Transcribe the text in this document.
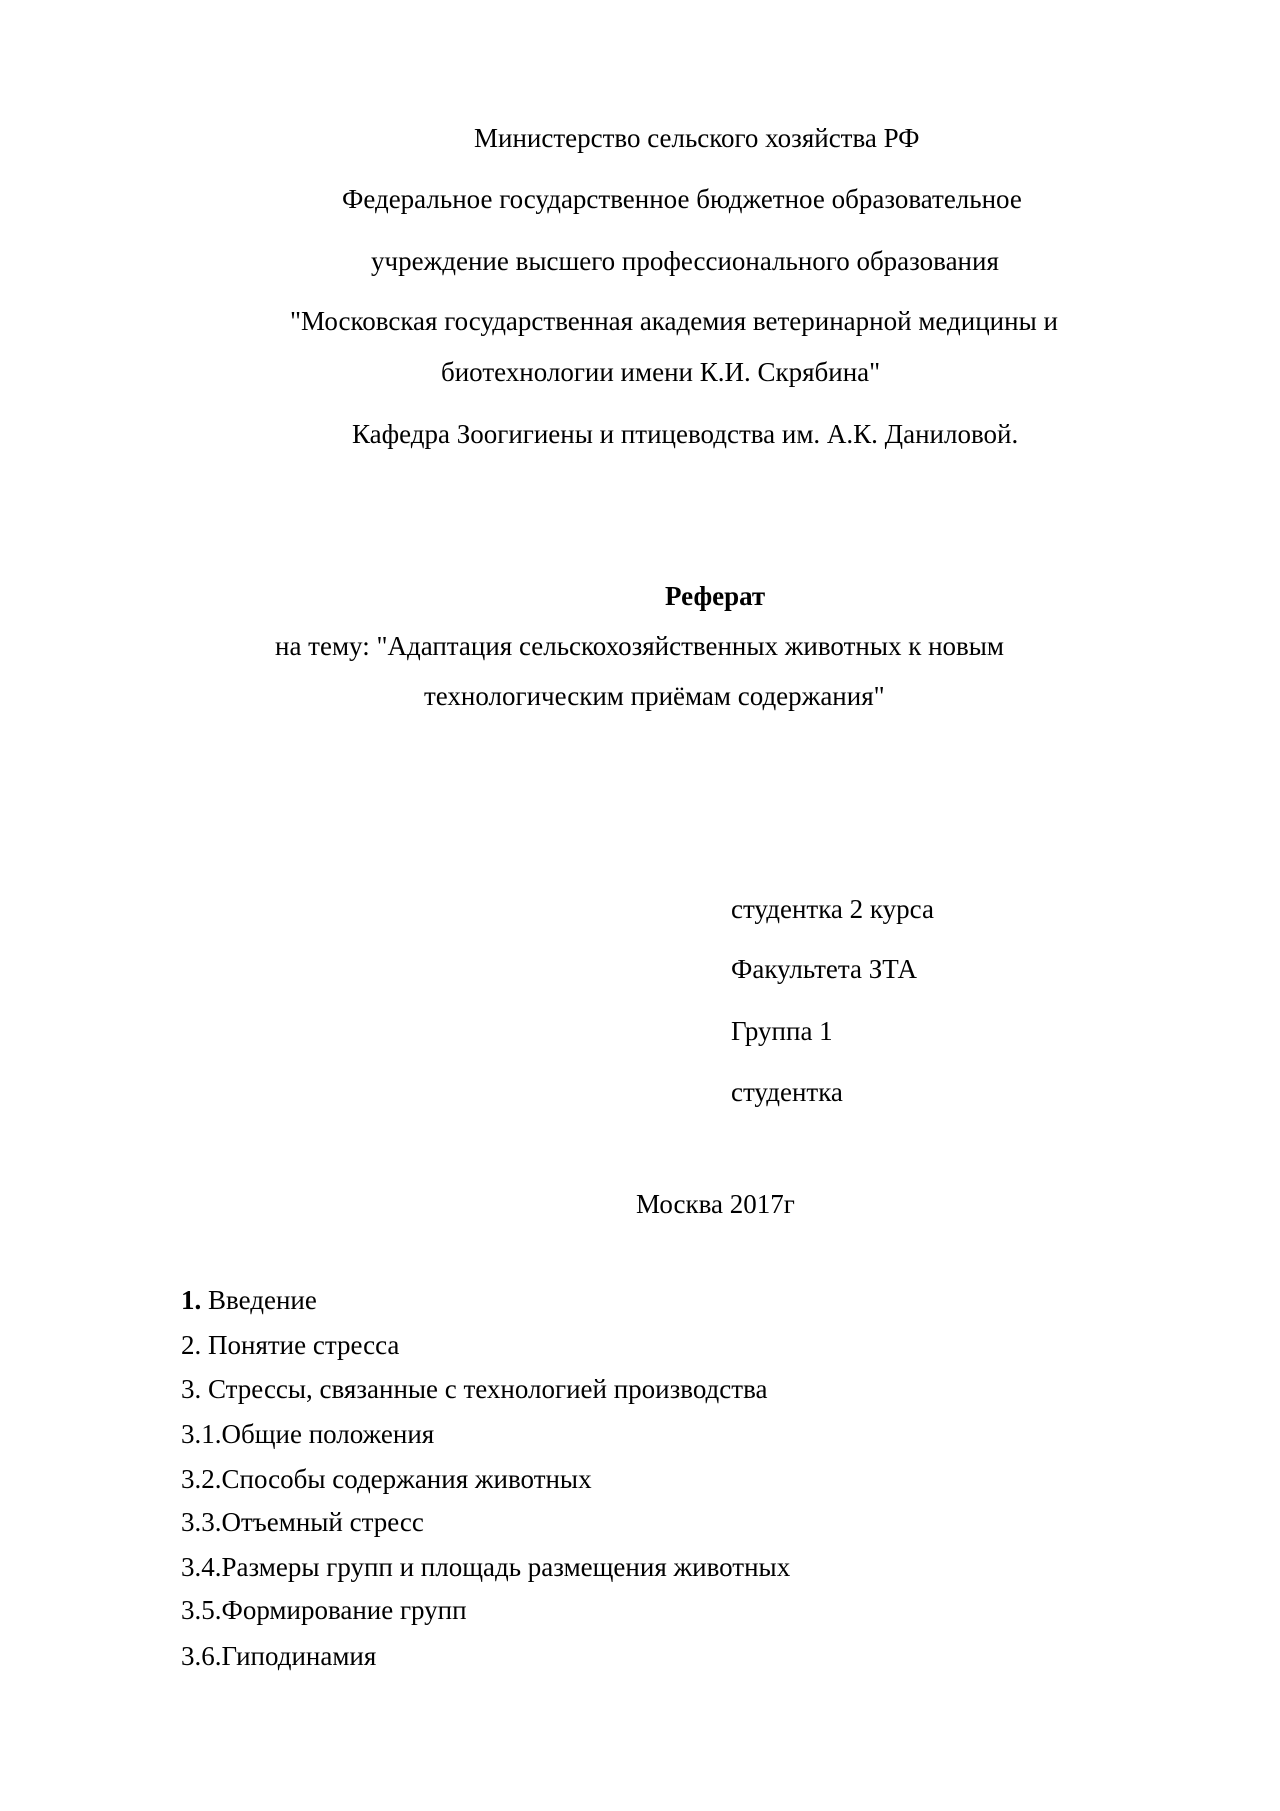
Министерство сельского хозяйства РФ
Федеральное государственное бюджетное образовательное
учреждение высшего профессионального образования
"Московская государственная академия ветеринарной медицины и
биотехнологии имени К.И. Скрябина"
Кафедра Зоогигиены и птицеводства им. А.К. Даниловой.
Реферат
на тему: "Адаптация сельскохозяйственных животных к новым
технологическим приёмам содержания"
студентка 2 курса
Факультета ЗТА
Группа 1
студентка
Москва 2017г
1. Введение
2. Понятие стресса
3. Стрессы, связанные с технологией производства
3.1.Общие положения
3.2.Способы содержания животных
3.3.Отъемный стресс
3.4.Размеры групп и площадь размещения животных
3.5.Формирование групп
3.6.Гиподинамия
